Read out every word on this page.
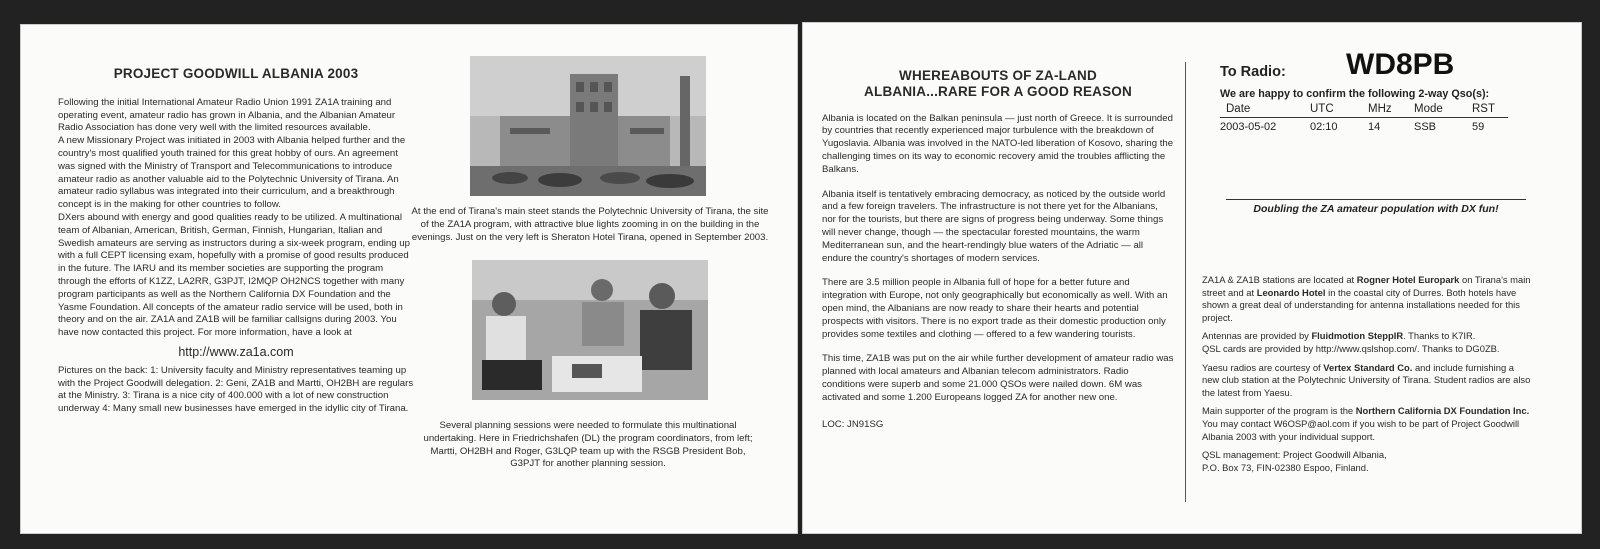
PROJECT GOODWILL ALBANIA 2003

Following the initial International Amateur Radio Union 1991 ZA1A training and operating event, amateur radio has grown in Albania, and the Albanian Amateur Radio Association has done very well with the limited resources available.

A new Missionary Project was initiated in 2003 with Albania helped further and the country's most qualified youth trained for this great hobby of ours. An agreement was signed with the Ministry of Transport and Telecommunications to introduce amateur radio as another valuable aid to the Polytechnic University of Tirana. An amateur radio syllabus was integrated into their curriculum, and a breakthrough concept is in the making for other countries to follow.

DXers abound with energy and good qualities ready to be utilized. A multinational team of Albanian, American, British, German, Finnish, Hungarian, Italian and Swedish amateurs are serving as instructors during a six-week program, ending up with a full CEPT licensing exam, hopefully with a promise of good results produced in the future. The IARU and its member societies are supporting the program through the efforts of K1ZZ, LA2RR, G3PJT, I2MQP OH2NCS together with many program participants as well as the Northern California DX Foundation and the Yasme Foundation. All concepts of the amateur radio service will be used, both in theory and on the air. ZA1A and ZA1B will be familiar callsigns during 2003. You have now contacted this project. For more information, have a look at

http://www.za1a.com

Pictures on the back: 1: University faculty and Ministry representatives teaming up with the Project Goodwill delegation. 2: Geni, ZA1B and Martti, OH2BH are regulars at the Ministry. 3: Tirana is a nice city of 400.000 with a lot of new construction underway 4: Many small new businesses have emerged in the idyllic city of Tirana.

At the end of Tirana's main steet stands the Polytechnic University of Tirana, the site of the ZA1A program, with attractive blue lights zooming in on the building in the evenings. Just on the very left is Sheraton Hotel Tirana, opened in September 2003.
Several planning sessions were needed to formulate this multinational undertaking. Here in Friedrichshafen (DL) the program coordinators, from left; Martti, OH2BH and Roger, G3LQP team up with the RSGB President Bob, G3PJT for another planning session.
WHEREABOUTS OF ZA-LAND
ALBANIA...RARE FOR A GOOD REASON

Albania is located on the Balkan peninsula — just north of Greece. It is surrounded by countries that recently experienced major turbulence with the breakdown of Yugoslavia. Albania was involved in the NATO-led liberation of Kosovo, sharing the challenging times on its way to economic recovery amid the troubles afflicting the Balkans.

Albania itself is tentatively embracing democracy, as noticed by the outside world and a few foreign travelers. The infrastructure is not there yet for the Albanians, nor for the tourists, but there are signs of progress being underway. Some things will never change, though — the spectacular forested mountains, the warm Mediterranean sun, and the heart-rendingly blue waters of the Adriatic — all endure the country's shortages of modern services.

There are 3.5 million people in Albania full of hope for a better future and integration with Europe, not only geographically but economically as well. With an open mind, the Albanians are now ready to share their hearts and potential prospects with visitors. There is no export trade as their domestic production only provides some textiles and clothing — offered to a few wandering tourists.

This time, ZA1B was put on the air while further development of amateur radio was planned with local amateurs and Albanian telecom administrators. Radio conditions were superb and some 21.000 QSOs were nailed down. 6M was activated and some 1.200 Europeans logged ZA for another new one.

LOC: JN91SG

To Radio: WD8PB
We are happy to confirm the following 2-way Qso(s):
Date	UTC	MHz	Mode	RST
2003-05-02	02:10	14	SSB	59
Doubling the ZA amateur population with DX fun!

ZA1A & ZA1B stations are located at Rogner Hotel Europark on Tirana's main street and at Leonardo Hotel in the coastal city of Durres. Both hotels have shown a great deal of understanding for antenna installations needed for this project.

Antennas are provided by Fluidmotion SteppIR. Thanks to K7IR.

QSL cards are provided by http://www.qslshop.com/. Thanks to DG0ZB.

Yaesu radios are courtesy of Vertex Standard Co. and include furnishing a new club station at the Polytechnic University of Tirana. Student radios are also the latest from Yaesu.

Main supporter of the program is the Northern California DX Foundation Inc. You may contact W6OSP@aol.com if you wish to be part of Project Goodwill Albania 2003 with your individual support.

QSL management: Project Goodwill Albania,

P.O. Box 73, FIN-02380 Espoo, Finland.
